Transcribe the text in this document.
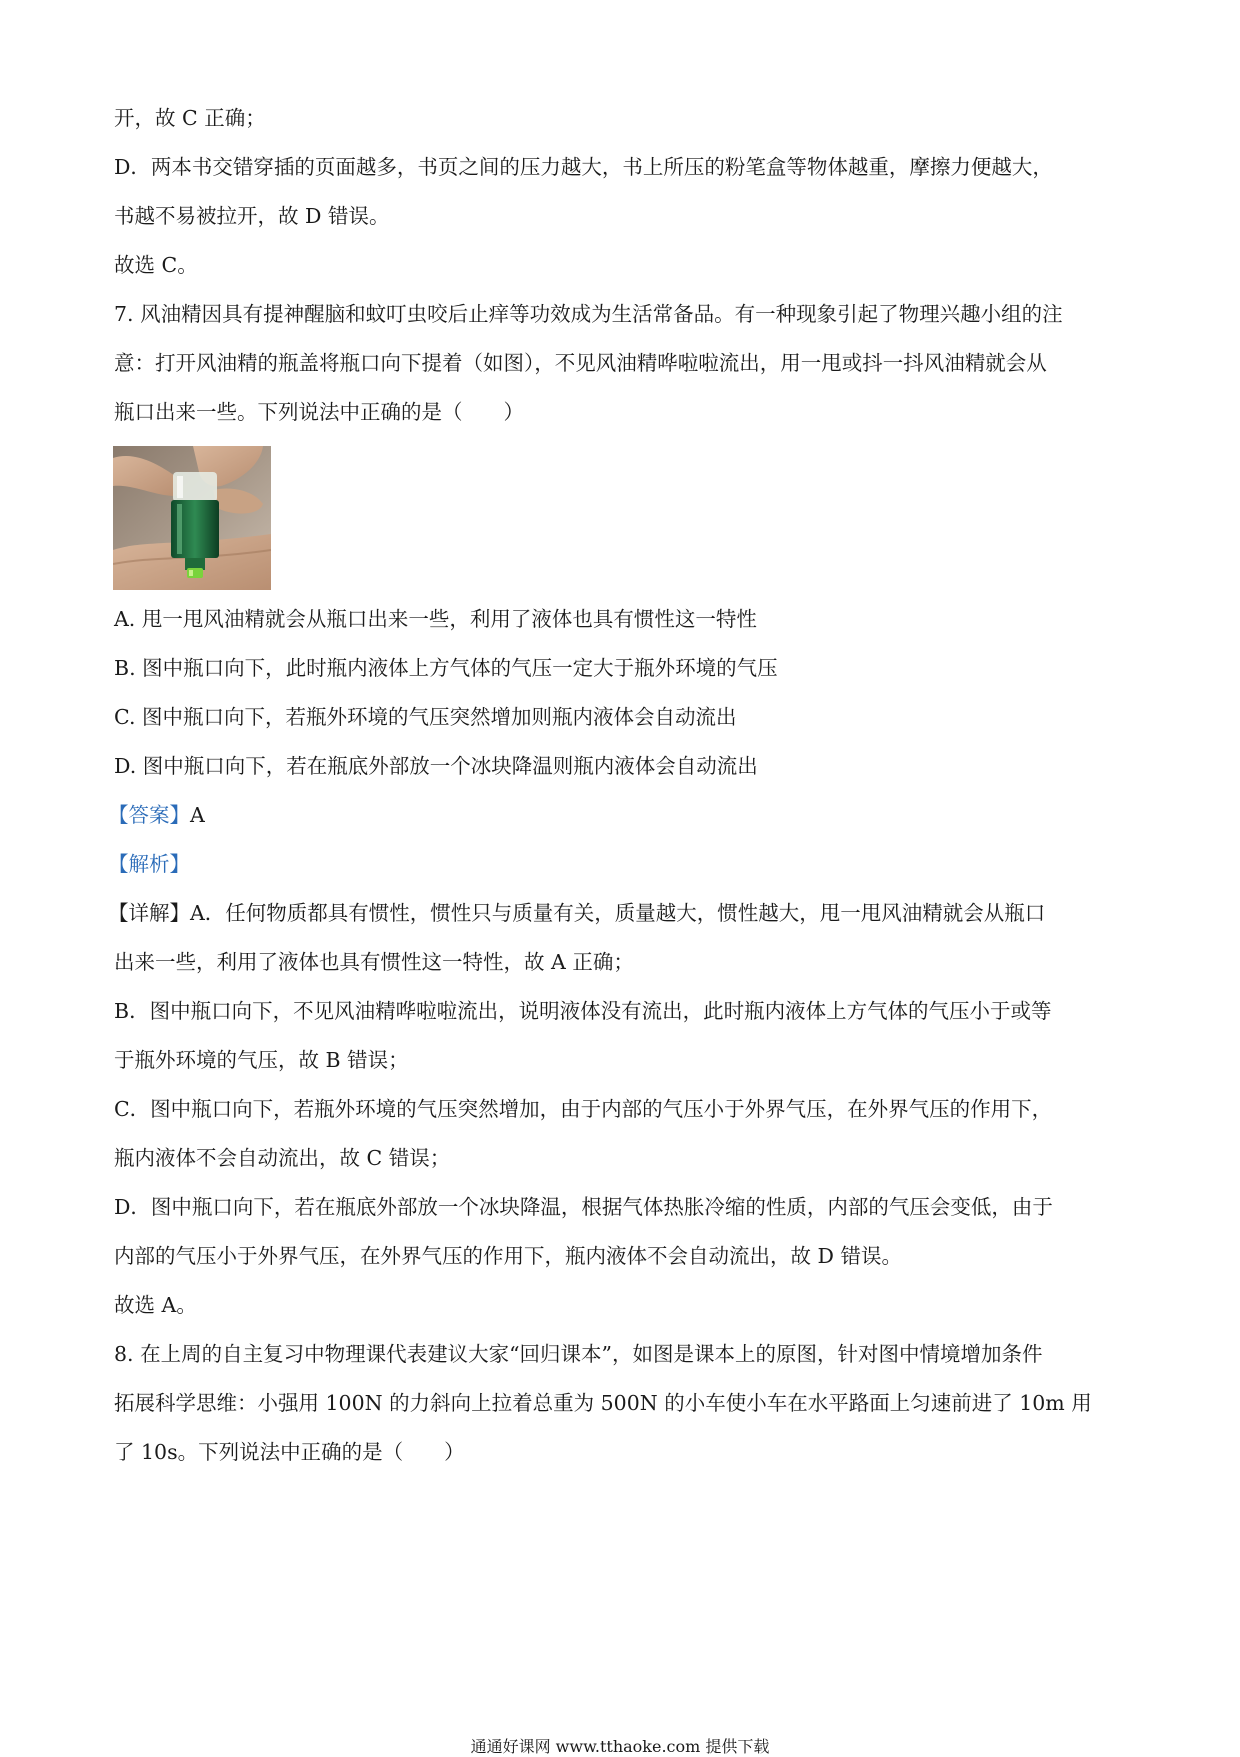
开，故 C 正确；
D．两本书交错穿插的页面越多，书页之间的压力越大，书上所压的粉笔盒等物体越重，摩擦力便越大，
书越不易被拉开，故 D 错误。
故选 C。
7. 风油精因具有提神醒脑和蚊叮虫咬后止痒等功效成为生活常备品。有一种现象引起了物理兴趣小组的注
意：打开风油精的瓶盖将瓶口向下提着（如图），不见风油精哗啦啦流出，用一甩或抖一抖风油精就会从
瓶口出来一些。下列说法中正确的是（　　）
A. 甩一甩风油精就会从瓶口出来一些，利用了液体也具有惯性这一特性
B. 图中瓶口向下，此时瓶内液体上方气体的气压一定大于瓶外环境的气压
C. 图中瓶口向下，若瓶外环境的气压突然增加则瓶内液体会自动流出
D. 图中瓶口向下，若在瓶底外部放一个冰块降温则瓶内液体会自动流出
【答案】A
【解析】
【详解】A．任何物质都具有惯性，惯性只与质量有关，质量越大，惯性越大，甩一甩风油精就会从瓶口
出来一些，利用了液体也具有惯性这一特性，故 A 正确；
B．图中瓶口向下，不见风油精哗啦啦流出，说明液体没有流出，此时瓶内液体上方气体的气压小于或等
于瓶外环境的气压，故 B 错误；
C．图中瓶口向下，若瓶外环境的气压突然增加，由于内部的气压小于外界气压，在外界气压的作用下，
瓶内液体不会自动流出，故 C 错误；
D．图中瓶口向下，若在瓶底外部放一个冰块降温，根据气体热胀冷缩的性质，内部的气压会变低，由于
内部的气压小于外界气压，在外界气压的作用下，瓶内液体不会自动流出，故 D 错误。
故选 A。
8. 在上周的自主复习中物理课代表建议大家“回归课本”，如图是课本上的原图，针对图中情境增加条件
拓展科学思维：小强用 100N 的力斜向上拉着总重为 500N 的小车使小车在水平路面上匀速前进了 10m 用
了 10s。下列说法中正确的是（　　）
通通好课网 www.tthaoke.com 提供下载
